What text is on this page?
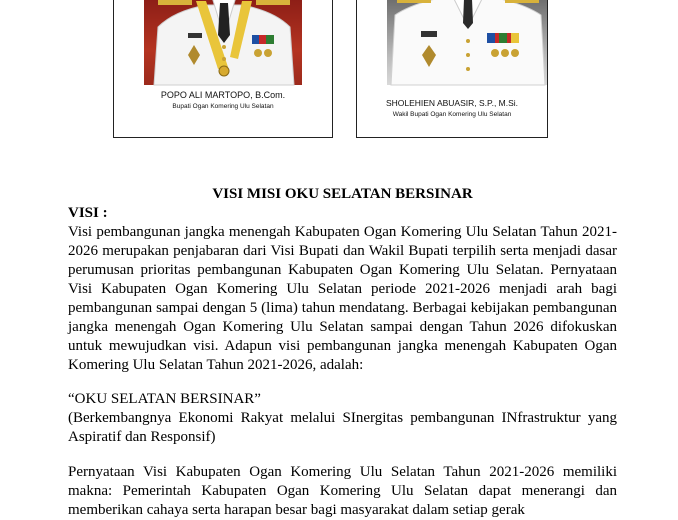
POPO ALI MARTOPO, B.Com.
Bupati Ogan Komering Ulu Selatan	SHOLEHIEN ABUASIR, S.P., M.Si.
Wakil Bupati Ogan Komering Ulu Selatan
VISI MISI OKU SELATAN BERSINAR
VISI :

Visi pembangunan jangka menengah Kabupaten Ogan Komering Ulu Selatan Tahun 2021-2026 merupakan penjabaran dari Visi Bupati dan Wakil Bupati terpilih serta menjadi dasar perumusan prioritas pembangunan Kabupaten Ogan Komering Ulu Selatan. Pernyataan Visi Kabupaten Ogan Komering Ulu Selatan periode 2021-2026 menjadi arah bagi pembangunan sampai dengan 5 (lima) tahun mendatang. Berbagai kebijakan pembangunan jangka menengah Ogan Komering Ulu Selatan sampai dengan Tahun 2026 difokuskan untuk mewujudkan visi. Adapun visi pembangunan jangka menengah Kabupaten Ogan Komering Ulu Selatan Tahun 2021-2026, adalah:

“OKU SELATAN BERSINAR”

(Berkembangnya Ekonomi Rakyat melalui SInergitas pembangunan INfrastruktur yang Aspiratif dan Responsif)

Pernyataan Visi Kabupaten Ogan Komering Ulu Selatan Tahun 2021-2026 memiliki makna: Pemerintah Kabupaten Ogan Komering Ulu Selatan dapat menerangi dan memberikan cahaya serta harapan besar bagi masyarakat dalam setiap gerak
